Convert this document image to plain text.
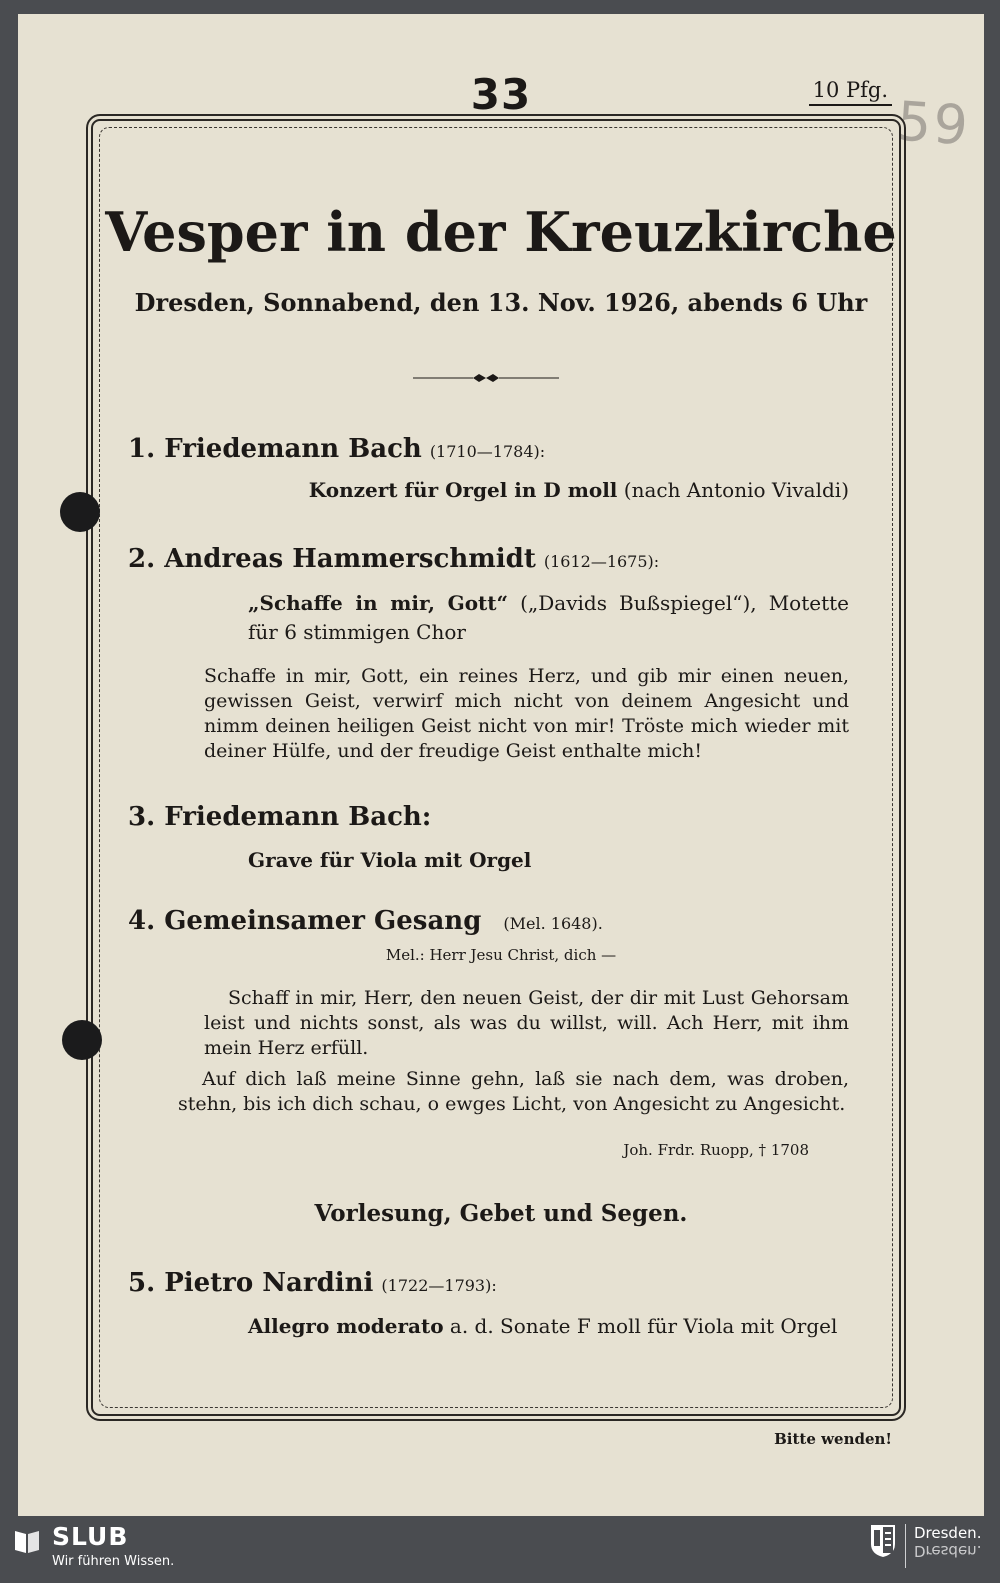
33	10 Pfg. 59
Vesper in der Kreuzkirche
Dresden, Sonnabend, den 13. Nov. 1926, abends 6 Uhr
1. Friedemann Bach (1710—1784):
Konzert für Orgel in D moll (nach Antonio Vivaldi)
2. Andreas Hammerschmidt (1612—1675):
„Schaffe in mir, Gott“ („Davids Bußspiegel“), Motette für 6 stimmigen Chor
Schaffe in mir, Gott, ein reines Herz, und gib mir einen neuen, gewissen Geist, verwirf mich nicht von deinem Angesicht und nimm deinen heiligen Geist nicht von mir! Tröste mich wieder mit deiner Hülfe, und der freudige Geist enthalte mich!
3. Friedemann Bach:
Grave für Viola mit Orgel
4. Gemeinsamer Gesang (Mel. 1648).
Mel.: Herr Jesu Christ, dich —
Schaff in mir, Herr, den neuen Geist, der dir mit Lust Gehorsam leist und nichts sonst, als was du willst, will. Ach Herr, mit ihm mein Herz erfüll.
Auf dich laß meine Sinne gehn, laß sie nach dem, was droben, stehn, bis ich dich schau, o ewges Licht, von Angesicht zu Angesicht.
Joh. Frdr. Ruopp, † 1708
Vorlesung, Gebet und Segen.
5. Pietro Nardini (1722—1793):
Allegro moderato a. d. Sonate F moll für Viola mit Orgel
Bitte wenden!
SLUB
Wir führen Wissen.
Dresden.
Dresden.
